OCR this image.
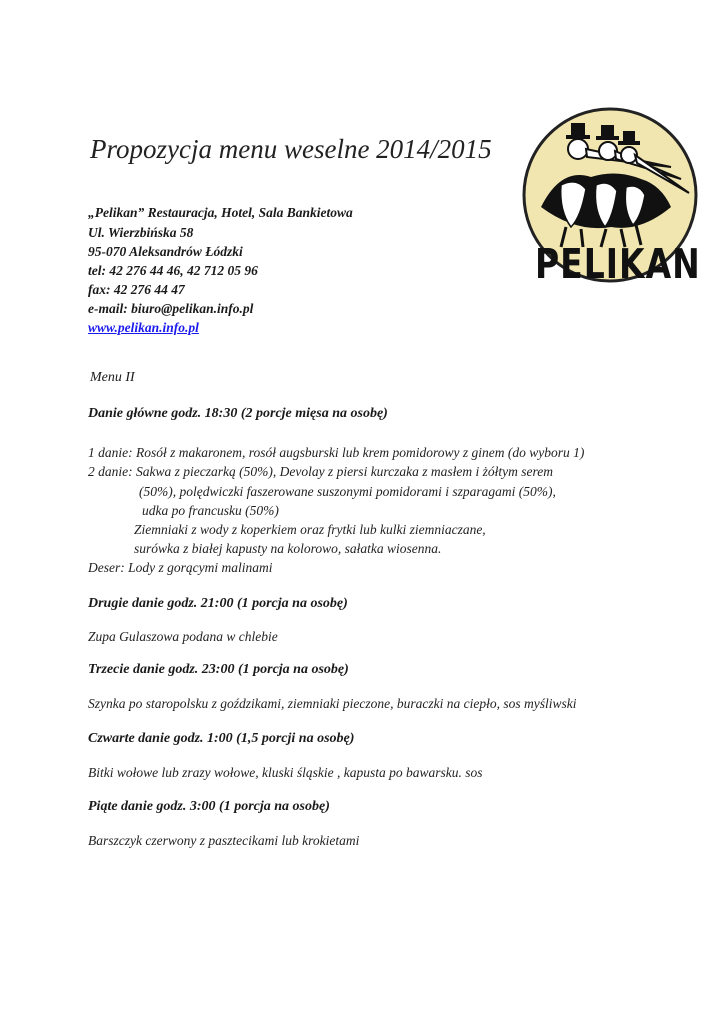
Propozycja menu weselne 2014/2015
„Pelikan” Restauracja, Hotel, Sala Bankietowa
Ul. Wierzbińska 58
95-070 Aleksandrów Łódzki
tel: 42 276 44 46, 42 712 05 96
fax: 42 276 44 47
e-mail: biuro@pelikan.info.pl
www.pelikan.info.pl
PELIKAN
Menu II
Danie główne godz. 18:30 (2 porcje mięsa na osobę)
1 danie: Rosół z makaronem, rosół augsburski lub krem pomidorowy z ginem (do wyboru 1)
2 danie: Sakwa z pieczarką (50%), Devolay z piersi kurczaka z masłem i żółtym serem
(50%), polędwiczki faszerowane suszonymi pomidorami i szparagami (50%),
udka po francusku (50%)
Ziemniaki z wody z koperkiem oraz frytki lub kulki ziemniaczane,
surówka z białej kapusty na kolorowo, sałatka wiosenna.
Deser: Lody z gorącymi malinami
Drugie danie godz. 21:00 (1 porcja na osobę)
Zupa Gulaszowa podana w chlebie
Trzecie danie godz. 23:00 (1 porcja na osobę)
Szynka po staropolsku z goździkami, ziemniaki pieczone, buraczki na ciepło, sos myśliwski
Czwarte danie godz. 1:00 (1,5 porcji na osobę)
Bitki wołowe lub zrazy wołowe, kluski śląskie , kapusta po bawarsku. sos
Piąte danie godz. 3:00 (1 porcja na osobę)
Barszczyk czerwony z pasztecikami lub krokietami
